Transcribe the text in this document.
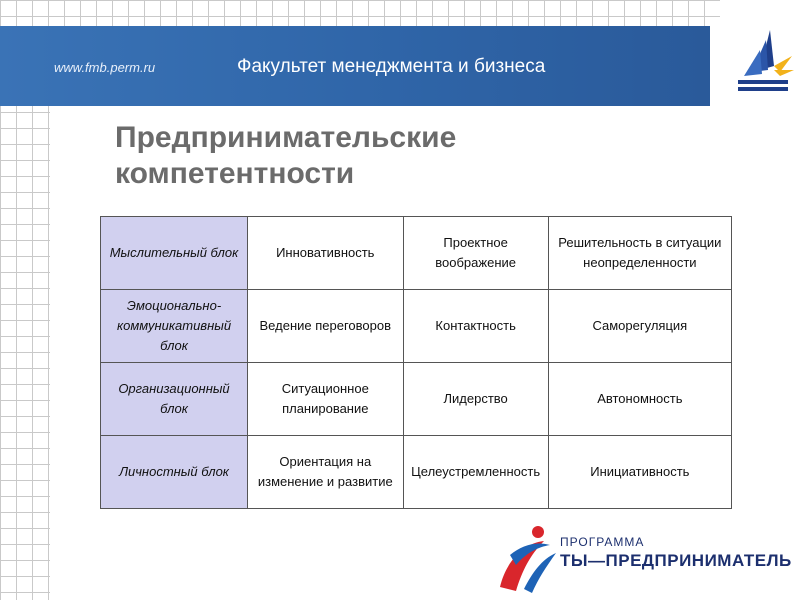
www.fmb.perm.ru	Факультет менеджмента и бизнеса
Предпринимательские
компетентности
Мыслительный блок	Инновативность	Проектное воображение	Решительность в ситуации неопределенности
Эмоционально-коммуникативный блок	Ведение переговоров	Контактность	Саморегуляция
Организационный блок	Ситуационное планирование	Лидерство	Автономность
Личностный блок	Ориентация на изменение и развитие	Целеустремленность	Инициативность
ПРОГРАММА
ТЫ—ПРЕДПРИНИМАТЕЛЬ
